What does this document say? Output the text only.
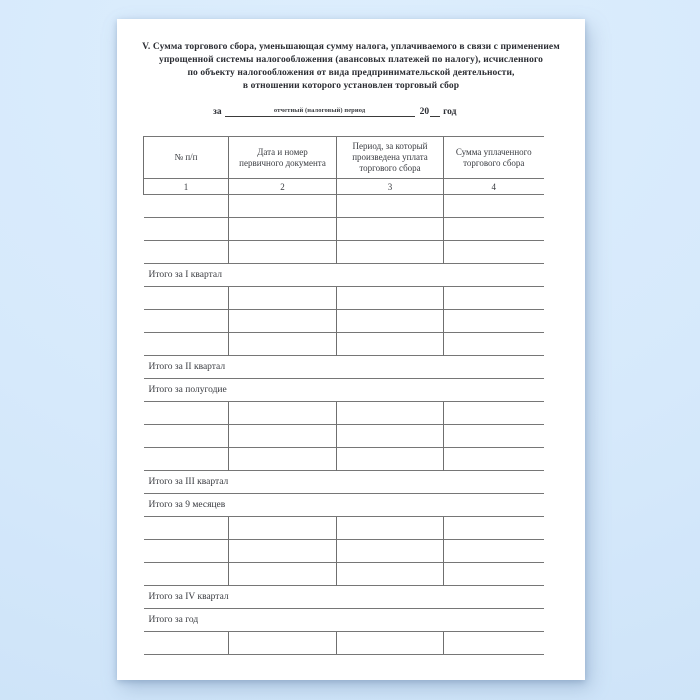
V. Сумма торгового сбора, уменьшающая сумму налога, уплачиваемого в связи с применением
упрощенной системы налогообложения (авансовых платежей по налогу), исчисленного
по объекту налогообложения от вида предпринимательской деятельности,
в отношении которого установлен торговый сбор
за	отчетный (налоговый) период	20 год
№ п/п	Дата и номер первичного документа	Период, за который произведена уплата торгового сбора	Сумма уплаченного торгового сбора
1	2	3	4

Итого за I квартал			

Итого за II квартал			
Итого за полугодие			

Итого за III квартал			
Итого за 9 месяцев			

Итого за IV квартал			
Итого за год			
